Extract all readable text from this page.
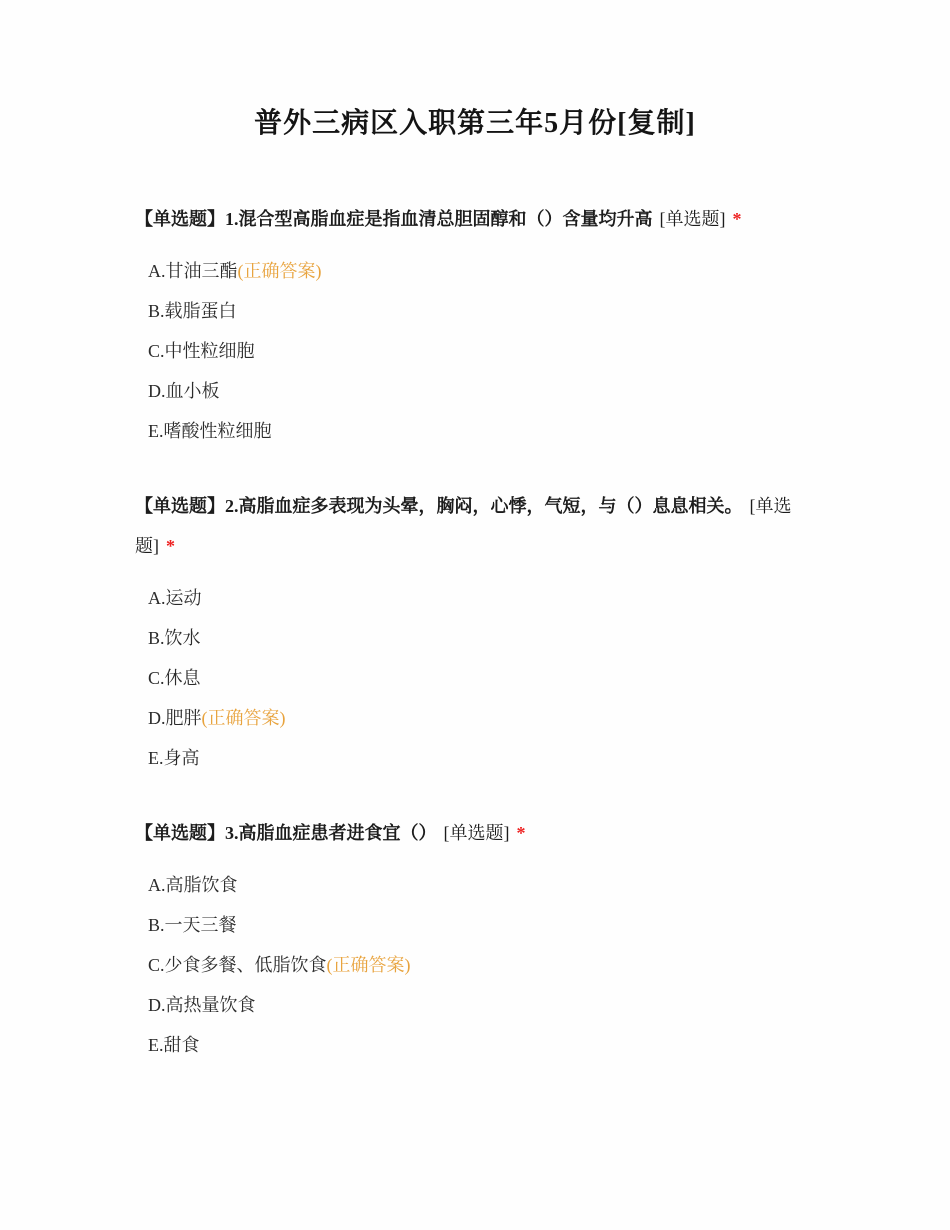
普外三病区入职第三年5月份[复制]

【单选题】1.混合型高脂血症是指血清总胆固醇和（）含量均升高 [单选题] *

A.甘油三酯(正确答案)

B.载脂蛋白

C.中性粒细胞

D.血小板

E.嗜酸性粒细胞

【单选题】2.高脂血症多表现为头晕，胸闷，心悸，气短，与（）息息相关。 [单选题] *

A.运动

B.饮水

C.休息

D.肥胖(正确答案)

E.身高

【单选题】3.高脂血症患者进食宜（） [单选题] *

A.高脂饮食

B.一天三餐

C.少食多餐、低脂饮食(正确答案)

D.高热量饮食

E.甜食
